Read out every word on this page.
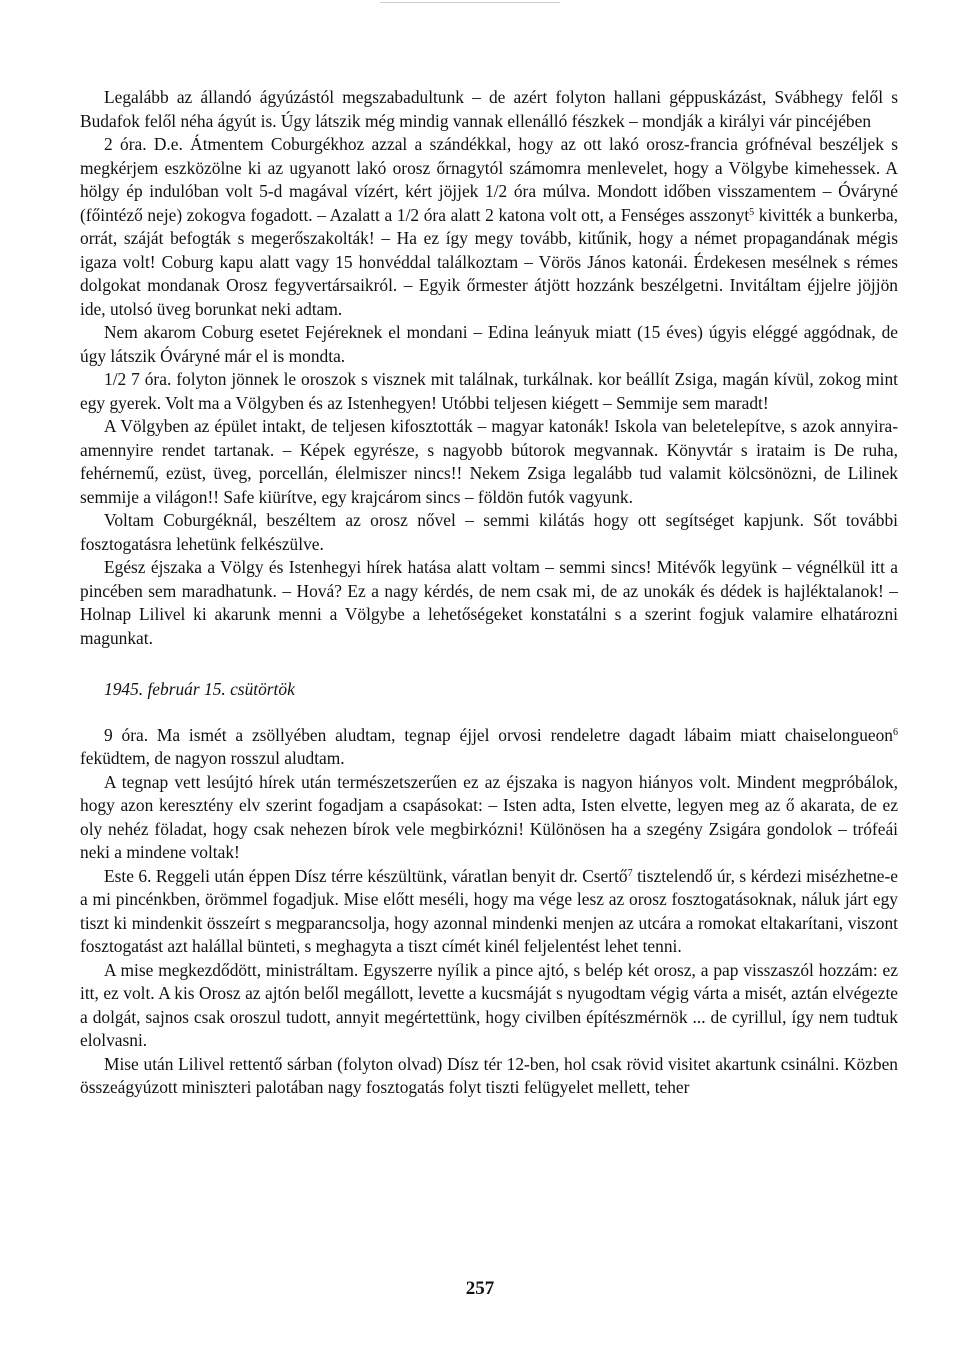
Legalább az állandó ágyúzástól megszabadultunk – de azért folyton hallani géppuskázást, Svábhegy felől s Budafok felől néha ágyút is. Úgy látszik még mindig vannak ellenálló fészkek – mondják a királyi vár pincéjében

2 óra. D.e. Átmentem Coburgékhoz azzal a szándékkal, hogy az ott lakó orosz-francia grófnéval beszéljek s megkérjem eszközölne ki az ugyanott lakó orosz őrnagytól számomra menlevelet, hogy a Völgybe kimehessek. A hölgy ép indulóban volt 5-d magával vízért, kért jöjjek 1/2 óra múlva. Mondott időben visszamentem – Óváryné (főintéző neje) zokogva fogadott. – Azalatt a 1/2 óra alatt 2 katona volt ott, a Fenséges asszonyt$^5$ kivitték a bunkerba, orrát, száját befogták s megerőszakolták! – Ha ez így megy tovább, kitűnik, hogy a német propagandának mégis igaza volt! Coburg kapu alatt vagy 15 honvéddal találkoztam – Vörös János katonái. Érdekesen mesélnek s rémes dolgokat mondanak Orosz fegyvertársaikról. – Egyik őrmester átjött hozzánk beszélgetni. Invitáltam éjjelre jöjjön ide, utolsó üveg borunkat neki adtam.

Nem akarom Coburg esetet Fejéreknek el mondani – Edina leányuk miatt (15 éves) úgyis eléggé aggódnak, de úgy látszik Óváryné már el is mondta.

1/2 7 óra. folyton jönnek le oroszok s visznek mit találnak, turkálnak. kor beállít Zsiga, magán kívül, zokog mint egy gyerek. Volt ma a Völgyben és az Istenhegyen! Utóbbi teljesen kiégett – Semmije sem maradt!

A Völgyben az épület intakt, de teljesen kifosztották – magyar katonák! Iskola van beletelepítve, s azok annyira-amennyire rendet tartanak. – Képek egyrésze, s nagyobb bútorok megvannak. Könyvtár s irataim is De ruha, fehérnemű, ezüst, üveg, porcellán, élelmiszer nincs!! Nekem Zsiga legalább tud valamit kölcsönözni, de Lilinek semmije a világon!! Safe kiürítve, egy krajcárom sincs – földön futók vagyunk.

Voltam Coburgéknál, beszéltem az orosz nővel – semmi kilátás hogy ott segítséget kapjunk. Sőt további fosztogatásra lehetünk felkészülve.

Egész éjszaka a Völgy és Istenhegyi hírek hatása alatt voltam – semmi sincs! Mitévők legyünk – végnélkül itt a pincében sem maradhatunk. – Hová? Ez a nagy kérdés, de nem csak mi, de az unokák és dédek is hajléktalanok! – Holnap Lilivel ki akarunk menni a Völgybe a lehetőségeket konstatálni s a szerint fogjuk valamire elhatározni magunkat.

1945. február 15. csütörtök

9 óra. Ma ismét a zsöllyében aludtam, tegnap éjjel orvosi rendeletre dagadt lábaim miatt chaiselongueon$^6$ feküdtem, de nagyon rosszul aludtam.

A tegnap vett lesújtó hírek után természetszerűen ez az éjszaka is nagyon hiányos volt. Mindent megpróbálok, hogy azon keresztény elv szerint fogadjam a csapásokat: – Isten adta, Isten elvette, legyen meg az ő akarata, de ez oly nehéz föladat, hogy csak nehezen bírok vele megbirkózni! Különösen ha a szegény Zsigára gondolok – trófeái neki a mindene voltak!

Este 6. Reggeli után éppen Dísz térre készültünk, váratlan benyit dr. Csertő$^7$ tisztelendő úr, s kérdezi misézhetne-e a mi pincénkben, örömmel fogadjuk. Mise előtt meséli, hogy ma vége lesz az orosz fosztogatásoknak, náluk járt egy tiszt ki mindenkit összeírt s megparancsolja, hogy azonnal mindenki menjen az utcára a romokat eltakarítani, viszont fosztogatást azt halállal bünteti, s meghagyta a tiszt címét kinél feljelentést lehet tenni.

A mise megkezdődött, ministráltam. Egyszerre nyílik a pince ajtó, s belép két orosz, a pap visszaszól hozzám: ez itt, ez volt. A kis Orosz az ajtón belől megállott, levette a kucsmáját s nyugodtam végig várta a misét, aztán elvégezte a dolgát, sajnos csak oroszul tudott, annyit megértettünk, hogy civilben építészmérnök ... de cyrillul, így nem tudtuk elolvasni.

Mise után Lilivel rettentő sárban (folyton olvad) Dísz tér 12-ben, hol csak rövid visitet akartunk csinálni. Közben összeágyúzott miniszteri palotában nagy fosztogatás folyt tiszti felügyelet mellett, teher

257
